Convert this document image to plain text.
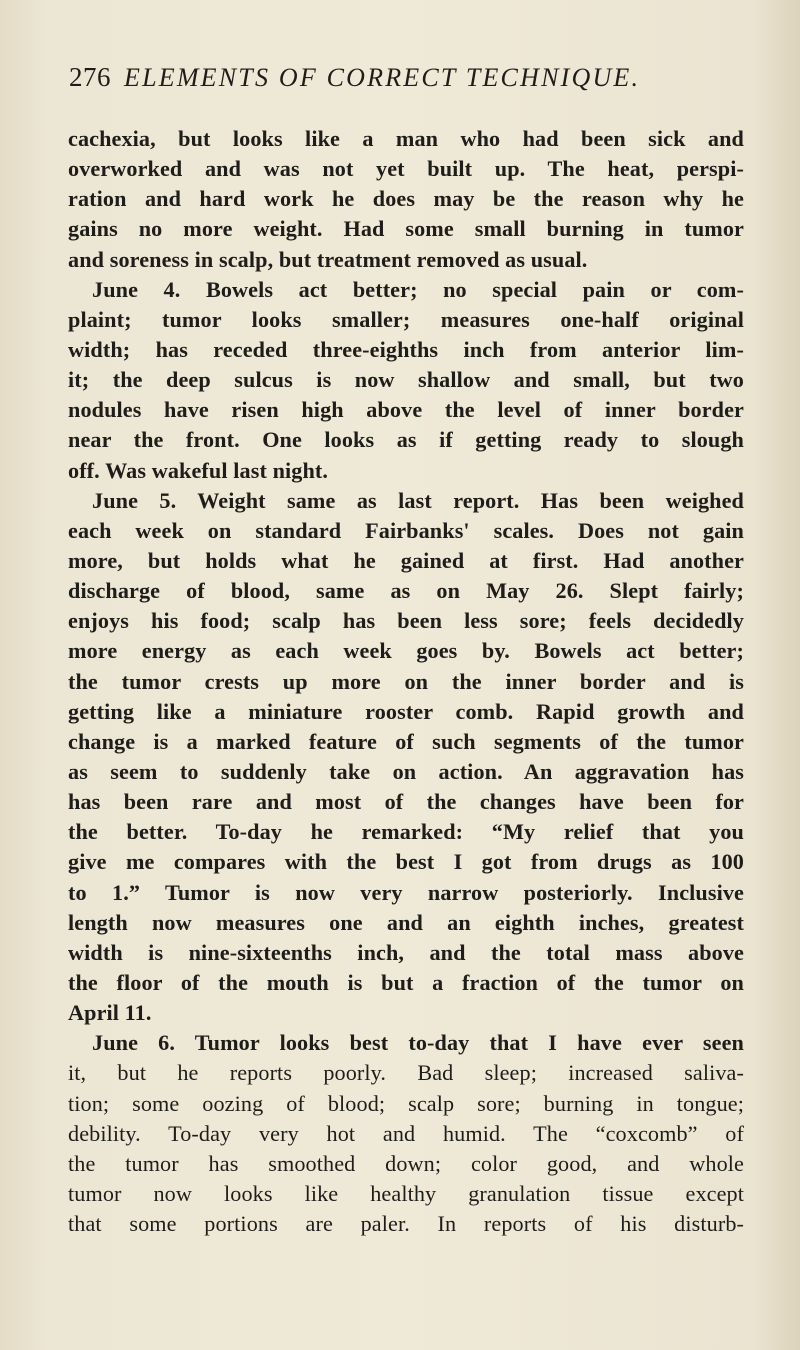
276 ELEMENTS OF CORRECT TECHNIQUE.
cachexia, but looks like a man who had been sick and
overworked and was not yet built up. The heat, perspi-
ration and hard work he does may be the reason why he
gains no more weight. Had some small burning in tumor
and soreness in scalp, but treatment removed as usual.
June 4. Bowels act better; no special pain or com-
plaint; tumor looks smaller; measures one-half original
width; has receded three-eighths inch from anterior lim-
it; the deep sulcus is now shallow and small, but two
nodules have risen high above the level of inner border
near the front. One looks as if getting ready to slough
off. Was wakeful last night.
June 5. Weight same as last report. Has been weighed
each week on standard Fairbanks' scales. Does not gain
more, but holds what he gained at first. Had another
discharge of blood, same as on May 26. Slept fairly;
enjoys his food; scalp has been less sore; feels decidedly
more energy as each week goes by. Bowels act better;
the tumor crests up more on the inner border and is
getting like a miniature rooster comb. Rapid growth and
change is a marked feature of such segments of the tumor
as seem to suddenly take on action. An aggravation has
has been rare and most of the changes have been for
the better. To-day he remarked: “My relief that you
give me compares with the best I got from drugs as 100
to 1.” Tumor is now very narrow posteriorly. Inclusive
length now measures one and an eighth inches, greatest
width is nine-sixteenths inch, and the total mass above
the floor of the mouth is but a fraction of the tumor on
April 11.
June 6. Tumor looks best to-day that I have ever seen
it, but he reports poorly. Bad sleep; increased saliva-
tion; some oozing of blood; scalp sore; burning in tongue;
debility. To-day very hot and humid. The “coxcomb” of
the tumor has smoothed down; color good, and whole
tumor now looks like healthy granulation tissue except
that some portions are paler. In reports of his disturb-
